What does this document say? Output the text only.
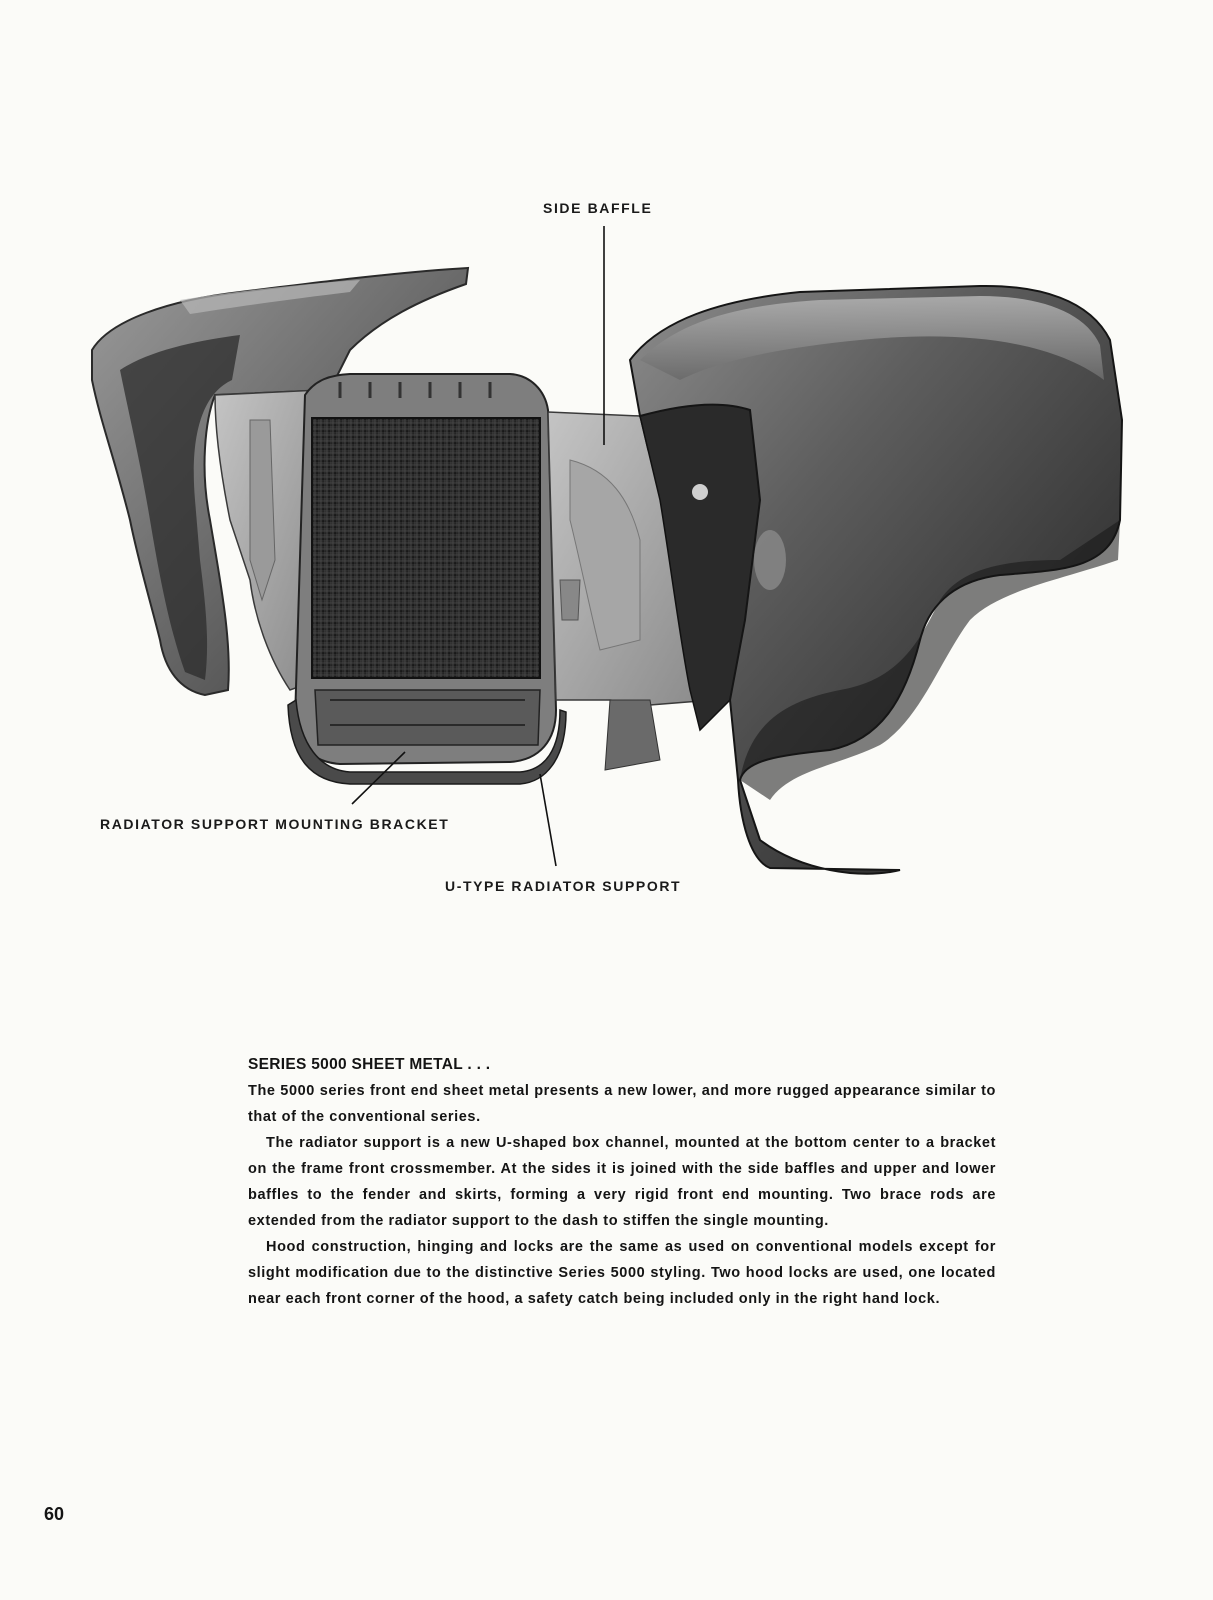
SIDE BAFFLE
RADIATOR SUPPORT MOUNTING BRACKET
U-TYPE RADIATOR SUPPORT
SERIES 5000 SHEET METAL . . .

The 5000 series front end sheet metal presents a new lower, and more rugged appearance similar to that of the conventional series.

The radiator support is a new U-shaped box channel, mounted at the bottom center to a bracket on the frame front crossmember. At the sides it is joined with the side baffles and upper and lower baffles to the fender and skirts, forming a very rigid front end mounting. Two brace rods are extended from the radiator support to the dash to stiffen the single mounting.

Hood construction, hinging and locks are the same as used on conventional models except for slight modification due to the distinctive Series 5000 styling. Two hood locks are used, one located near each front corner of the hood, a safety catch being included only in the right hand lock.

60
